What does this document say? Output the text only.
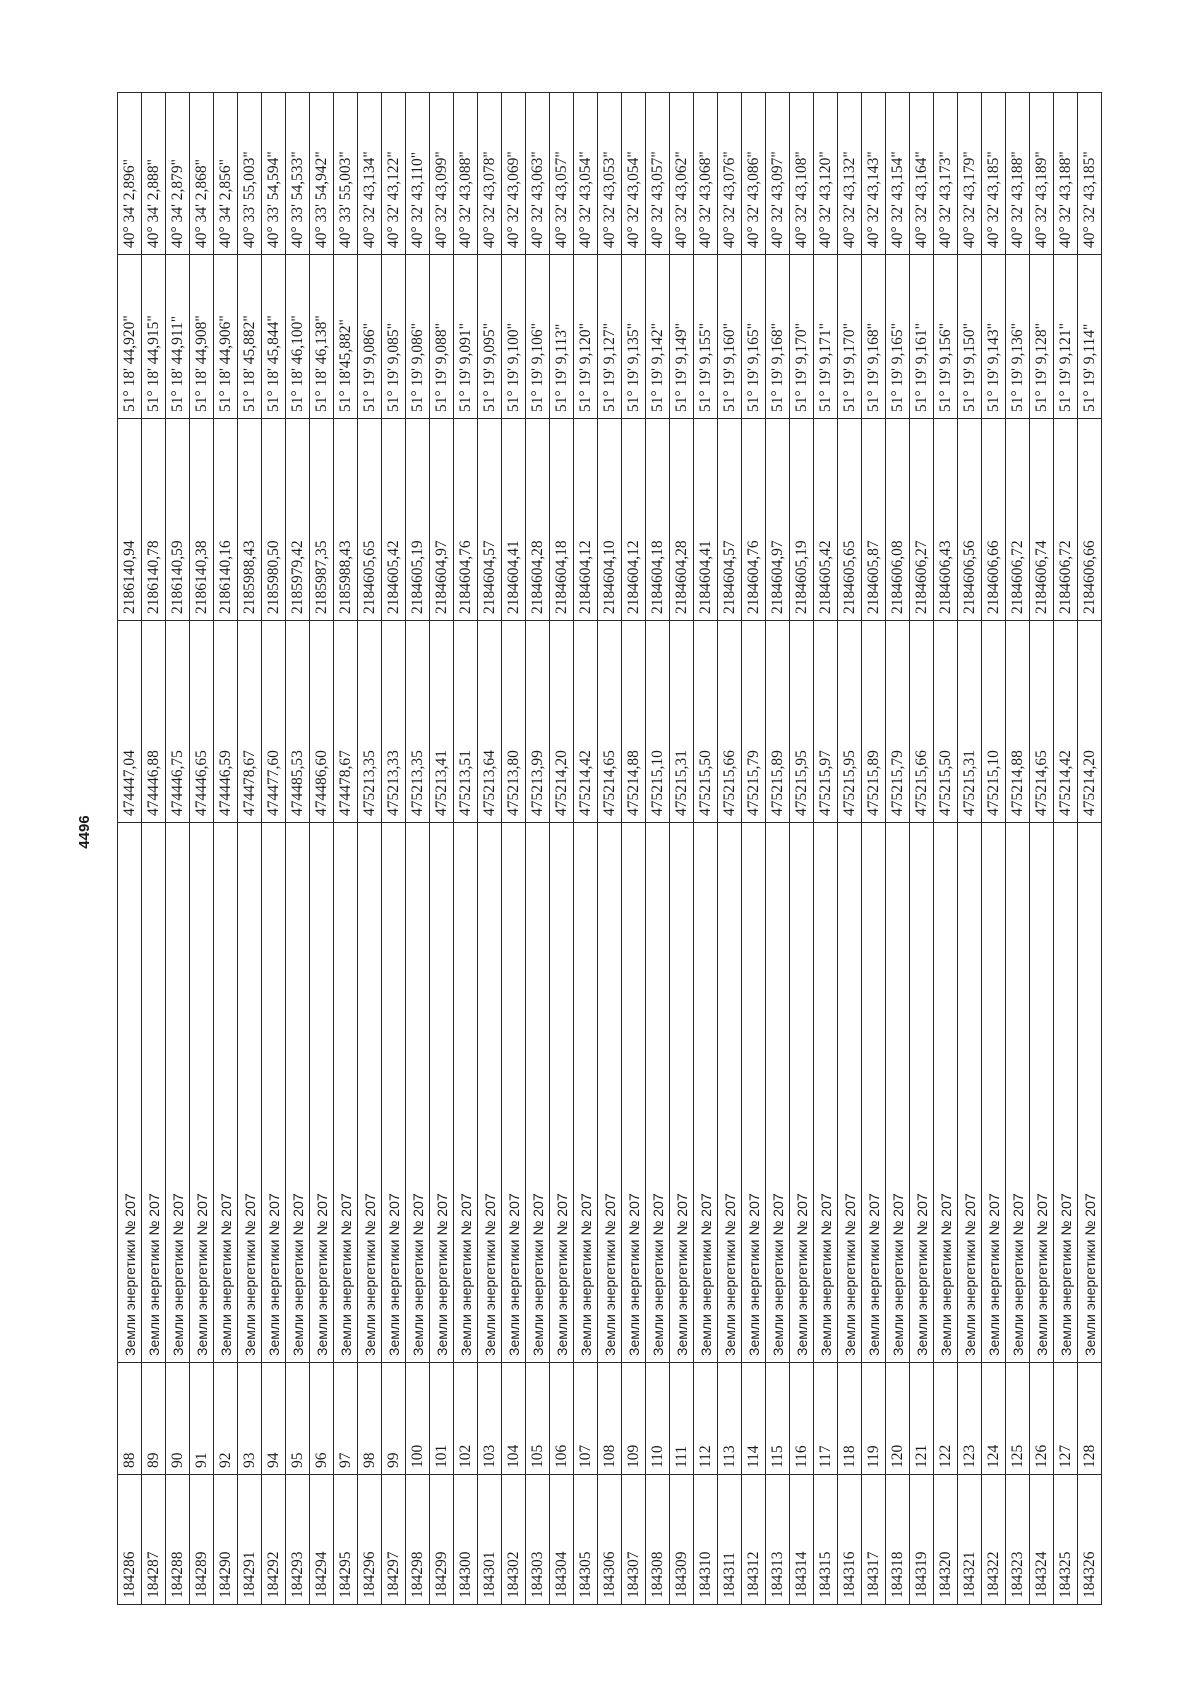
4496
184286	88	Земли энергетики № 207	474447,04	2186140,94	51° 18' 44,920"	40° 34' 2,896"
184287	89	Земли энергетики № 207	474446,88	2186140,78	51° 18' 44,915"	40° 34' 2,888"
184288	90	Земли энергетики № 207	474446,75	2186140,59	51° 18' 44,911"	40° 34' 2,879"
184289	91	Земли энергетики № 207	474446,65	2186140,38	51° 18' 44,908"	40° 34' 2,868"
184290	92	Земли энергетики № 207	474446,59	2186140,16	51° 18' 44,906"	40° 34' 2,856"
184291	93	Земли энергетики № 207	474478,67	2185988,43	51° 18' 45,882"	40° 33' 55,003"
184292	94	Земли энергетики № 207	474477,60	2185980,50	51° 18' 45,844"	40° 33' 54,594"
184293	95	Земли энергетики № 207	474485,53	2185979,42	51° 18' 46,100"	40° 33' 54,533"
184294	96	Земли энергетики № 207	474486,60	2185987,35	51° 18' 46,138"	40° 33' 54,942"
184295	97	Земли энергетики № 207	474478,67	2185988,43	51° 18'45,882"	40° 33' 55,003"
184296	98	Земли энергетики № 207	475213,35	2184605,65	51° 19' 9,086"	40° 32' 43,134"
184297	99	Земли энергетики № 207	475213,33	2184605,42	51° 19' 9,085"	40° 32' 43,122"
184298	100	Земли энергетики № 207	475213,35	2184605,19	51° 19' 9,086"	40° 32' 43,110"
184299	101	Земли энергетики № 207	475213,41	2184604,97	51° 19' 9,088"	40° 32' 43,099"
184300	102	Земли энергетики № 207	475213,51	2184604,76	51° 19' 9,091"	40° 32' 43,088"
184301	103	Земли энергетики № 207	475213,64	2184604,57	51° 19' 9,095"	40° 32' 43,078"
184302	104	Земли энергетики № 207	475213,80	2184604,41	51° 19' 9,100"	40° 32' 43,069"
184303	105	Земли энергетики № 207	475213,99	2184604,28	51° 19' 9,106"	40° 32' 43,063"
184304	106	Земли энергетики № 207	475214,20	2184604,18	51° 19' 9,113"	40° 32' 43,057"
184305	107	Земли энергетики № 207	475214,42	2184604,12	51° 19' 9,120"	40° 32' 43,054"
184306	108	Земли энергетики № 207	475214,65	2184604,10	51° 19' 9,127"	40° 32' 43,053"
184307	109	Земли энергетики № 207	475214,88	2184604,12	51° 19' 9,135"	40° 32' 43,054"
184308	110	Земли энергетики № 207	475215,10	2184604,18	51° 19' 9,142"	40° 32' 43,057"
184309	111	Земли энергетики № 207	475215,31	2184604,28	51° 19' 9,149"	40° 32' 43,062"
184310	112	Земли энергетики № 207	475215,50	2184604,41	51° 19' 9,155"	40° 32' 43,068"
184311	113	Земли энергетики № 207	475215,66	2184604,57	51° 19' 9,160"	40° 32' 43,076"
184312	114	Земли энергетики № 207	475215,79	2184604,76	51° 19' 9,165"	40° 32' 43,086"
184313	115	Земли энергетики № 207	475215,89	2184604,97	51° 19' 9,168"	40° 32' 43,097"
184314	116	Земли энергетики № 207	475215,95	2184605,19	51° 19' 9,170"	40° 32' 43,108"
184315	117	Земли энергетики № 207	475215,97	2184605,42	51° 19' 9,171"	40° 32' 43,120"
184316	118	Земли энергетики № 207	475215,95	2184605,65	51° 19' 9,170"	40° 32' 43,132"
184317	119	Земли энергетики № 207	475215,89	2184605,87	51° 19' 9,168"	40° 32' 43,143"
184318	120	Земли энергетики № 207	475215,79	2184606,08	51° 19' 9,165"	40° 32' 43,154"
184319	121	Земли энергетики № 207	475215,66	2184606,27	51° 19' 9,161"	40° 32' 43,164"
184320	122	Земли энергетики № 207	475215,50	2184606,43	51° 19' 9,156"	40° 32' 43,173"
184321	123	Земли энергетики № 207	475215,31	2184606,56	51° 19' 9,150"	40° 32' 43,179"
184322	124	Земли энергетики № 207	475215,10	2184606,66	51° 19' 9,143"	40° 32' 43,185"
184323	125	Земли энергетики № 207	475214,88	2184606,72	51° 19' 9,136"	40° 32' 43,188"
184324	126	Земли энергетики № 207	475214,65	2184606,74	51° 19' 9,128"	40° 32' 43,189"
184325	127	Земли энергетики № 207	475214,42	2184606,72	51° 19' 9,121"	40° 32' 43,188"
184326	128	Земли энергетики № 207	475214,20	2184606,66	51° 19' 9,114"	40° 32' 43,185"
